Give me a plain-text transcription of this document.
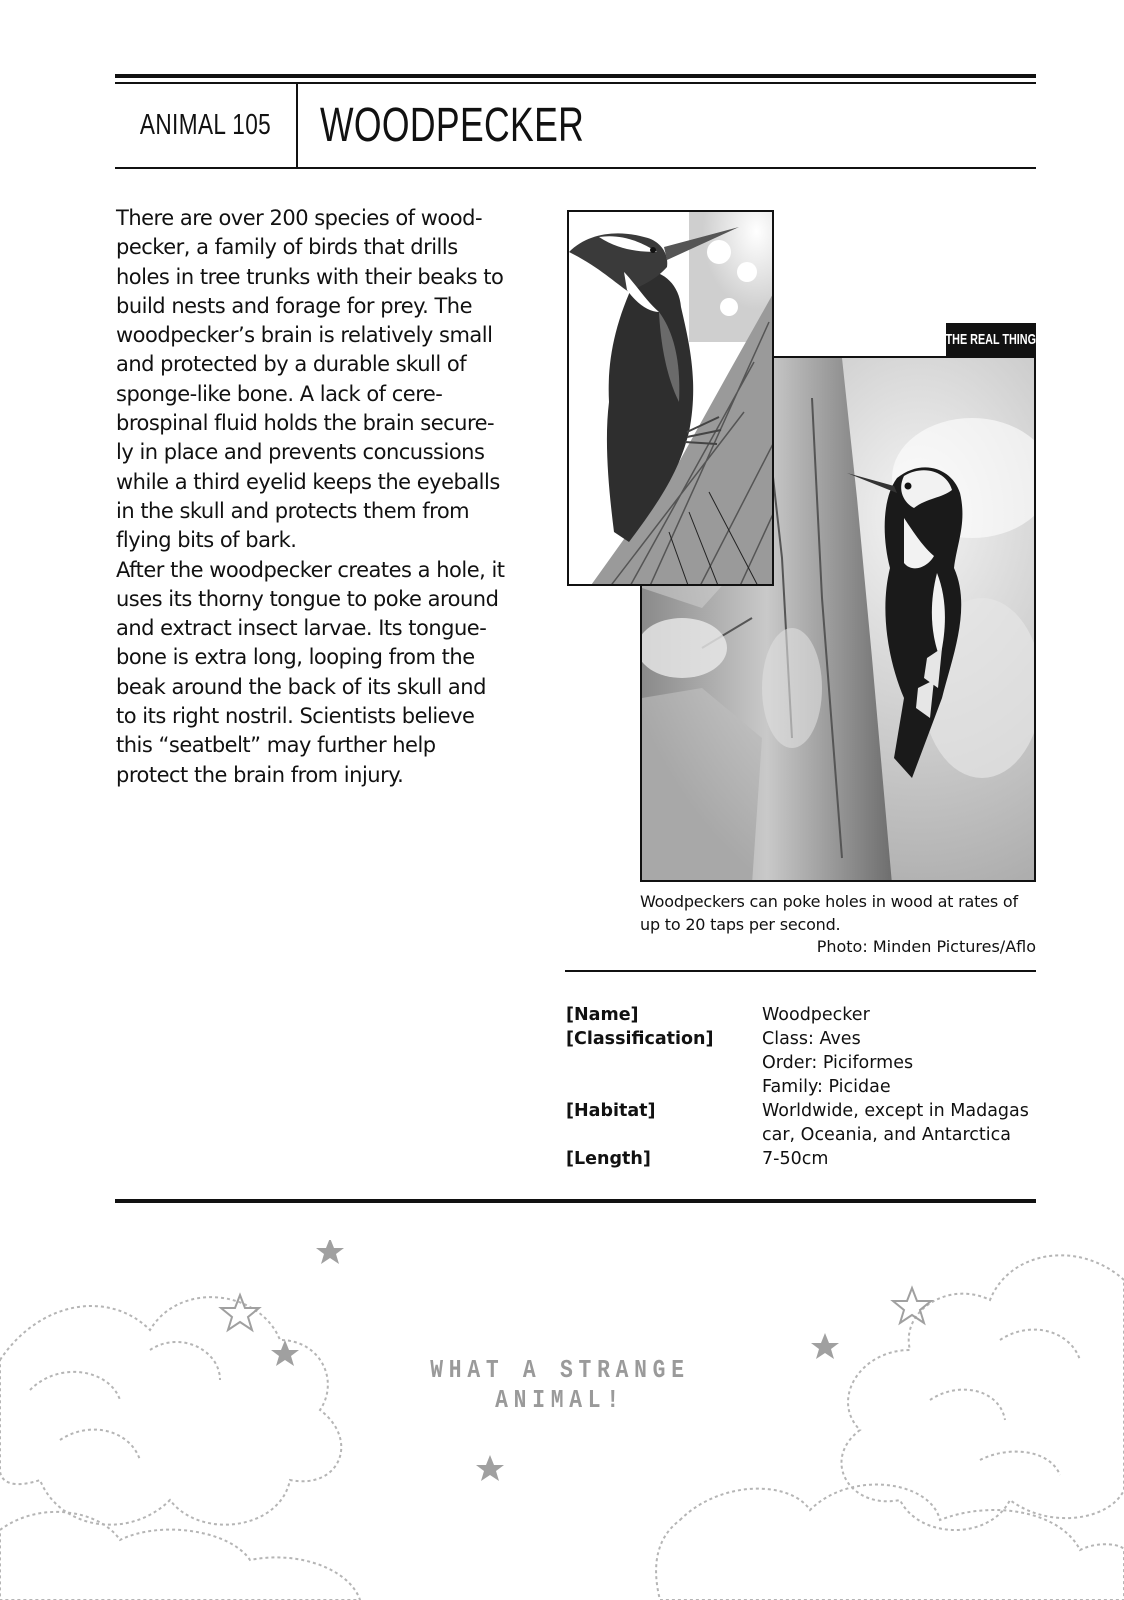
ANIMAL 105 WOODPECKER

There are over 200 species of wood-pecker, a family of birds that drills holes in tree trunks with their beaks to build nests and forage for prey. The woodpecker’s brain is relatively small and protected by a durable skull of sponge-like bone. A lack of cere-brospinal fluid holds the brain secure-ly in place and prevents concussions while a third eyelid keeps the eyeballs in the skull and protects them from flying bits of bark.

After the woodpecker creates a hole, it uses its thorny tongue to poke around and extract insect larvae. Its tongue-bone is extra long, looping from the beak around the back of its skull and to its right nostril. Scientists believe this “seatbelt” may further help protect the brain from injury.

THE REAL THING
Woodpeckers can poke holes in wood at rates of up to 20 taps per second.
Photo: Minden Pictures/Aflo
[Name]	Woodpecker
[Classification]	Class: Aves
Order: Piciformes
Family: Picidae
[Habitat]	Worldwide, except in Madagas
car, Oceania, and Antarctica
[Length]	7-50cm
WHAT A STRANGE ANIMAL!
